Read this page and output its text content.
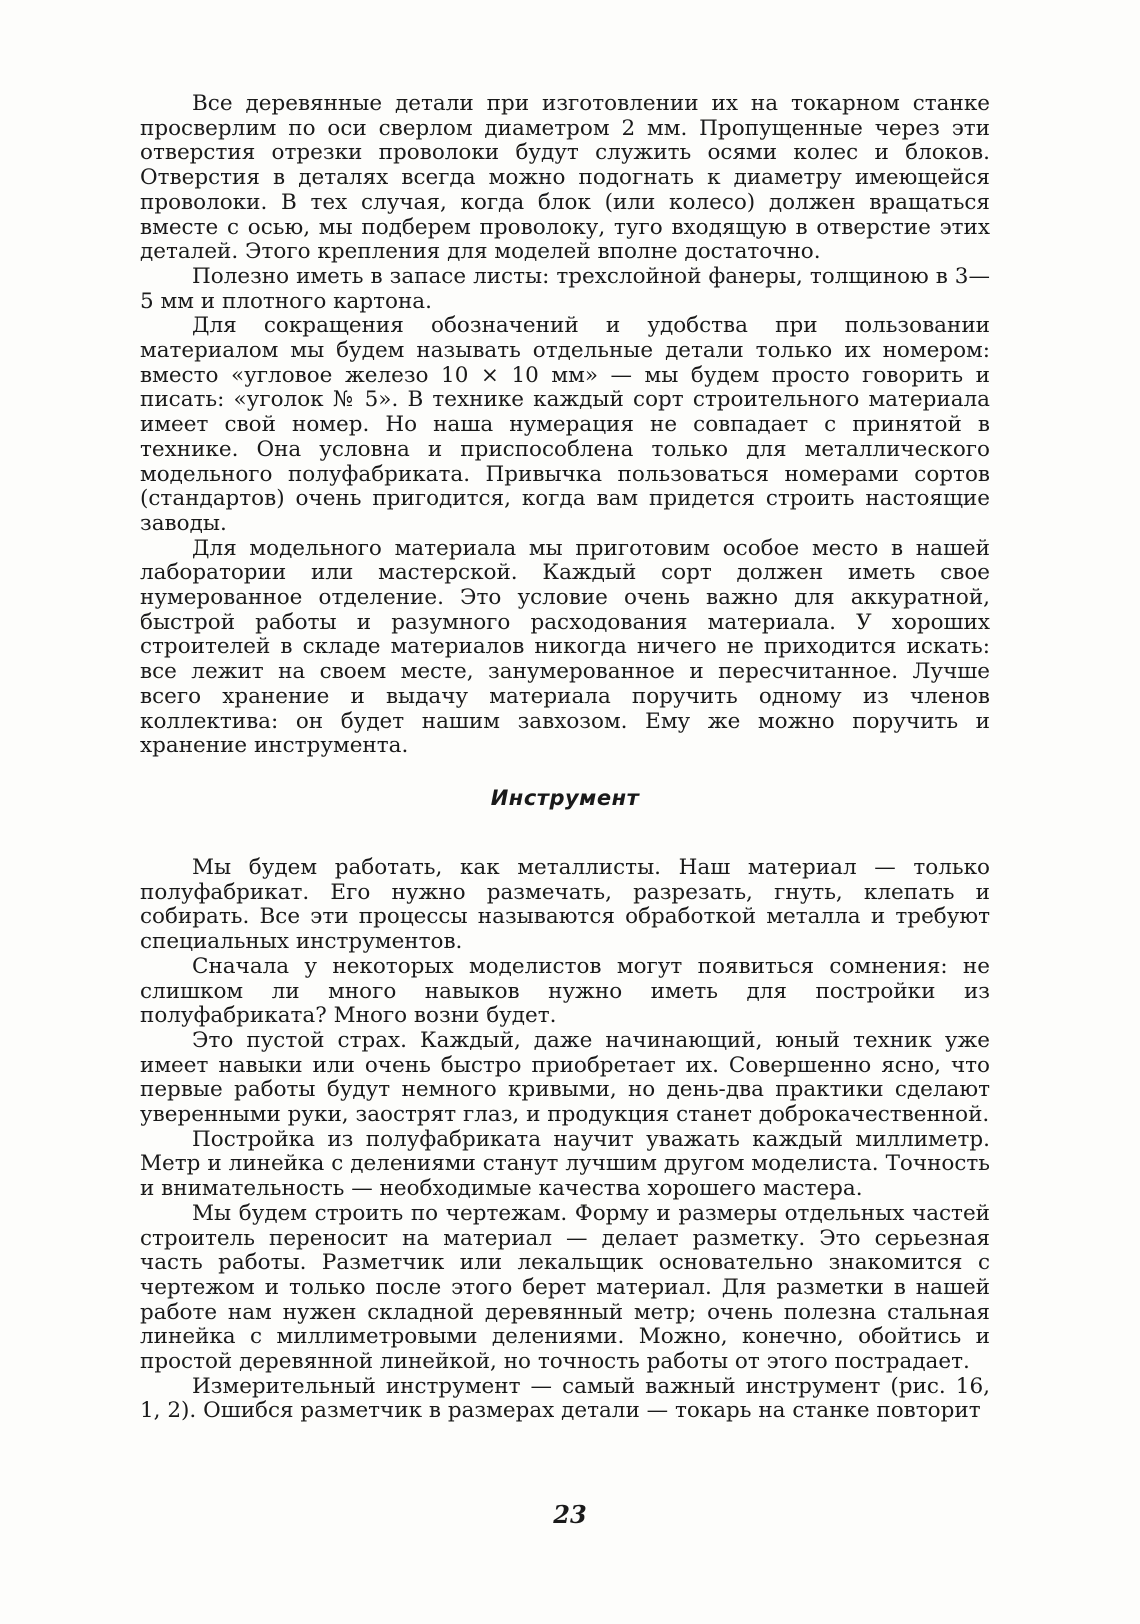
Все деревянные детали при изготовлении их на токарном станке просверлим по оси сверлом диаметром 2 мм. Пропущенные через эти отверстия отрезки проволоки будут служить осями колес и блоков. Отверстия в деталях всегда можно подогнать к диаметру имеющейся проволоки. В тех случая, когда блок (или колесо) должен вращаться вместе с осью, мы подберем проволоку, туго входящую в отверстие этих деталей. Этого крепления для моделей вполне достаточно.

Полезно иметь в запасе листы: трехслойной фанеры, толщиною в 3—5 мм и плотного картона.

Для сокращения обозначений и удобства при пользовании материалом мы будем называть отдельные детали только их номером: вместо «угловое железо 10 × 10 мм» — мы будем просто говорить и писать: «уголок № 5». В технике каждый сорт строительного материала имеет свой номер. Но наша нумерация не совпадает с принятой в технике. Она условна и приспособлена только для металлического модельного полуфабриката. Привычка пользоваться номерами сортов (стандартов) очень пригодится, когда вам придется строить настоящие заводы.

Для модельного материала мы приготовим особое место в нашей лаборатории или мастерской. Каждый сорт должен иметь свое нумерованное отделение. Это условие очень важно для аккуратной, быстрой работы и разумного расходования материала. У хороших строителей в складе материалов никогда ничего не приходится искать: все лежит на своем месте, занумерованное и пересчитанное. Лучше всего хранение и выдачу материала поручить одному из членов коллектива: он будет нашим завхозом. Ему же можно поручить и хранение инструмента.

Инструмент

Мы будем работать, как металлисты. Наш материал — только полуфабрикат. Его нужно размечать, разрезать, гнуть, клепать и собирать. Все эти процессы называются обработкой металла и требуют специальных инструментов.

Сначала у некоторых моделистов могут появиться сомнения: не слишком ли много навыков нужно иметь для постройки из полуфабриката? Много возни будет.

Это пустой страх. Каждый, даже начинающий, юный техник уже имеет навыки или очень быстро приобретает их. Совершенно ясно, что первые работы будут немного кривыми, но день-два практики сделают уверенными руки, заострят глаз, и продукция станет доброкачественной.

Постройка из полуфабриката научит уважать каждый миллиметр. Метр и линейка с делениями станут лучшим другом моделиста. Точность и внимательность — необходимые качества хорошего мастера.

Мы будем строить по чертежам. Форму и размеры отдельных частей строитель переносит на материал — делает разметку. Это серьезная часть работы. Разметчик или лекальщик основательно знакомится с чертежом и только после этого берет материал. Для разметки в нашей работе нам нужен складной деревянный метр; очень полезна стальная линейка с миллиметровыми делениями. Можно, конечно, обойтись и простой деревянной линейкой, но точность работы от этого пострадает.

Измерительный инструмент — самый важный инструмент (рис. 16, 1, 2). Ошибся разметчик в размерах детали — токарь на станке повторит

23
